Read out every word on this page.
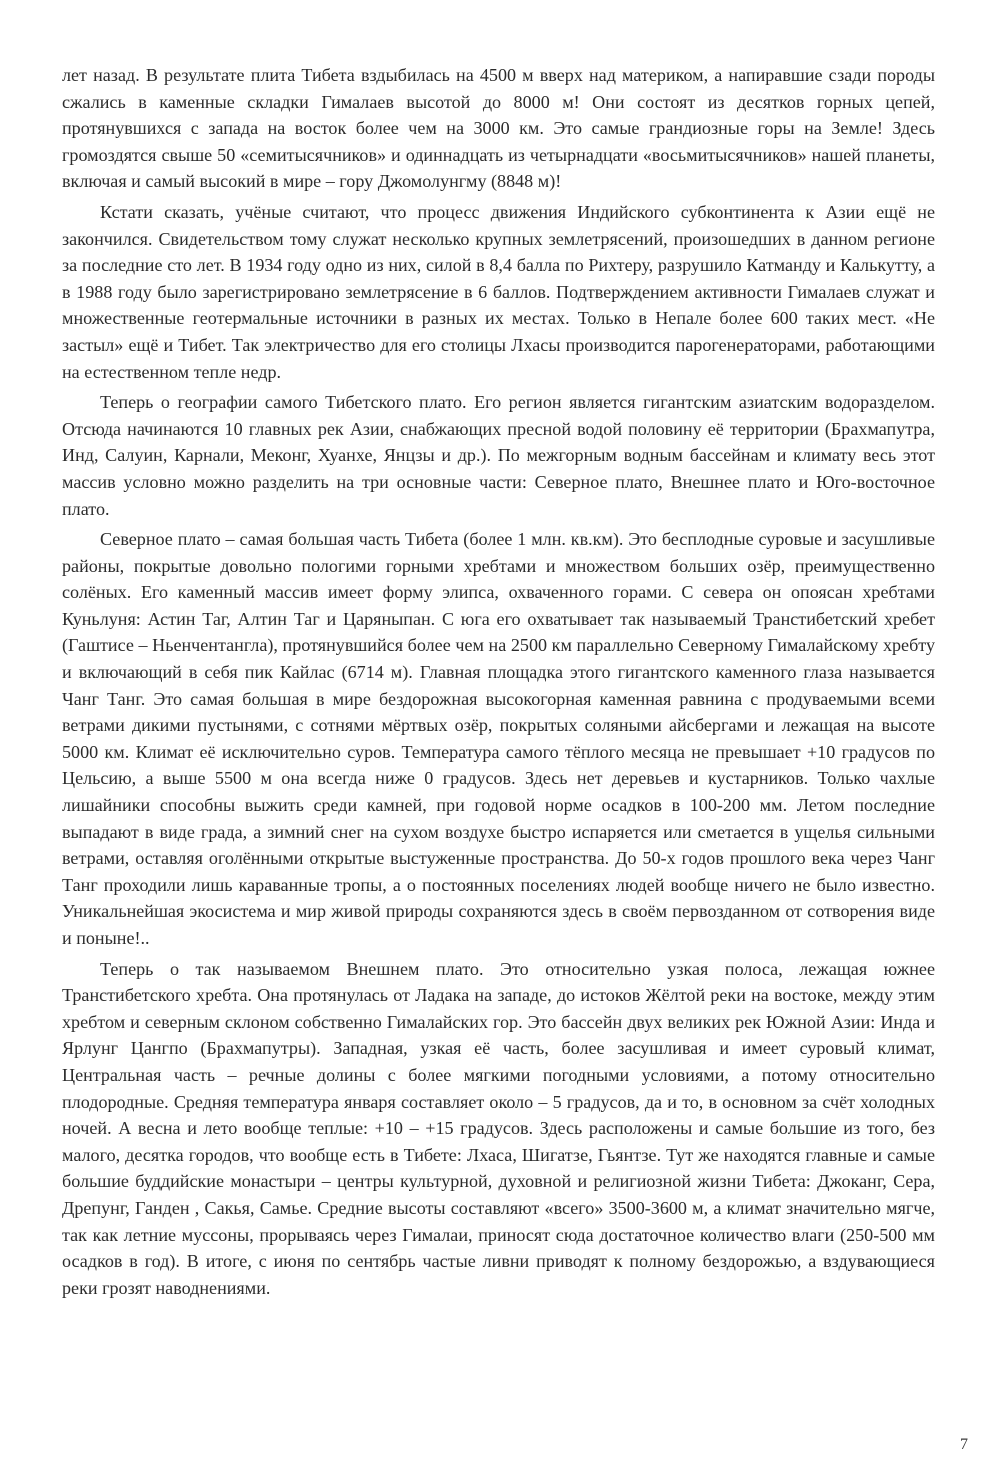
лет назад. В результате плита Тибета вздыбилась на 4500 м вверх над материком, а напиравшие сзади породы сжались в каменные складки Гималаев высотой до 8000 м! Они состоят из десятков горных цепей, протянувшихся с запада на восток более чем на 3000 км. Это самые грандиозные горы на Земле! Здесь громоздятся свыше 50 «семитысячников» и одиннадцать из четырнадцати «восьмитысячников» нашей планеты, включая и самый высокий в мире – гору Джомолунгму (8848 м)!

Кстати сказать, учёные считают, что процесс движения Индийского субконтинента к Азии ещё не закончился. Свидетельством тому служат несколько крупных землетрясений, произошедших в данном регионе за последние сто лет. В 1934 году одно из них, силой в 8,4 балла по Рихтеру, разрушило Катманду и Калькутту, а в 1988 году было зарегистрировано землетрясение в 6 баллов. Подтверждением активности Гималаев служат и множественные геотермальные источники в разных их местах. Только в Непале более 600 таких мест. «Не застыл» ещё и Тибет. Так электричество для его столицы Лхасы производится парогенераторами, работающими на естественном тепле недр.

Теперь о географии самого Тибетского плато. Его регион является гигантским азиатским водоразделом. Отсюда начинаются 10 главных рек Азии, снабжающих пресной водой половину её территории (Брахмапутра, Инд, Салуин, Карнали, Меконг, Хуанхе, Янцзы и др.). По межгорным водным бассейнам и климату весь этот массив условно можно разделить на три основные части: Северное плато, Внешнее плато и Юго-восточное плато.

Северное плато – самая большая часть Тибета (более 1 млн. кв.км). Это бесплодные суровые и засушливые районы, покрытые довольно пологими горными хребтами и множеством больших озёр, преимущественно солёных. Его каменный массив имеет форму элипса, охваченного горами. С севера он опоясан хребтами Куньлуня: Астин Таг, Алтин Таг и Царяныпан. С юга его охватывает так называемый Транстибетский хребет (Гаштисе – Ньенчентангла), протянувшийся более чем на 2500 км параллельно Северному Гималайскому хребту и включающий в себя пик Кайлас (6714 м). Главная площадка этого гигантского каменного глаза называется Чанг Танг. Это самая большая в мире бездорожная высокогорная каменная равнина с продуваемыми всеми ветрами дикими пустынями, с сотнями мёртвых озёр, покрытых соляными айсбергами и лежащая на высоте 5000 км. Климат её исключительно суров. Температура самого тёплого месяца не превышает +10 градусов по Цельсию, а выше 5500 м она всегда ниже 0 градусов. Здесь нет деревьев и кустарников. Только чахлые лишайники способны выжить среди камней, при годовой норме осадков в 100-200 мм. Летом последние выпадают в виде града, а зимний снег на сухом воздухе быстро испаряется или сметается в ущелья сильными ветрами, оставляя оголёнными открытые выстуженные пространства. До 50-х годов прошлого века через Чанг Танг проходили лишь караванные тропы, а о постоянных поселениях людей вообще ничего не было известно. Уникальнейшая экосистема и мир живой природы сохраняются здесь в своём первозданном от сотворения виде и поныне!..

Теперь о так называемом Внешнем плато. Это относительно узкая полоса, лежащая южнее Транстибетского хребта. Она протянулась от Ладака на западе, до истоков Жёлтой реки на востоке, между этим хребтом и северным склоном собственно Гималайских гор. Это бассейн двух великих рек Южной Азии: Инда и Ярлунг Цангпо (Брахмапутры). Западная, узкая её часть, более засушливая и имеет суровый климат, Центральная часть – речные долины с более мягкими погодными условиями, а потому относительно плодородные. Средняя температура января составляет около – 5 градусов, да и то, в основном за счёт холодных ночей. А весна и лето вообще теплые: +10 – +15 градусов. Здесь расположены и самые большие из того, без малого, десятка городов, что вообще есть в Тибете: Лхаса, Шигатзе, Гьянтзе. Тут же находятся главные и самые большие буддийские монастыри – центры культурной, духовной и религиозной жизни Тибета: Джоканг, Сера, Дрепунг, Ганден , Сакья, Самье. Средние высоты составляют «всего» 3500-3600 м, а климат значительно мягче, так как летние муссоны, прорываясь через Гималаи, приносят сюда достаточное количество влаги (250-500 мм осадков в год). В итоге, с июня по сентябрь частые ливни приводят к полному бездорожью, а вздувающиеся реки грозят наводнениями.

7
